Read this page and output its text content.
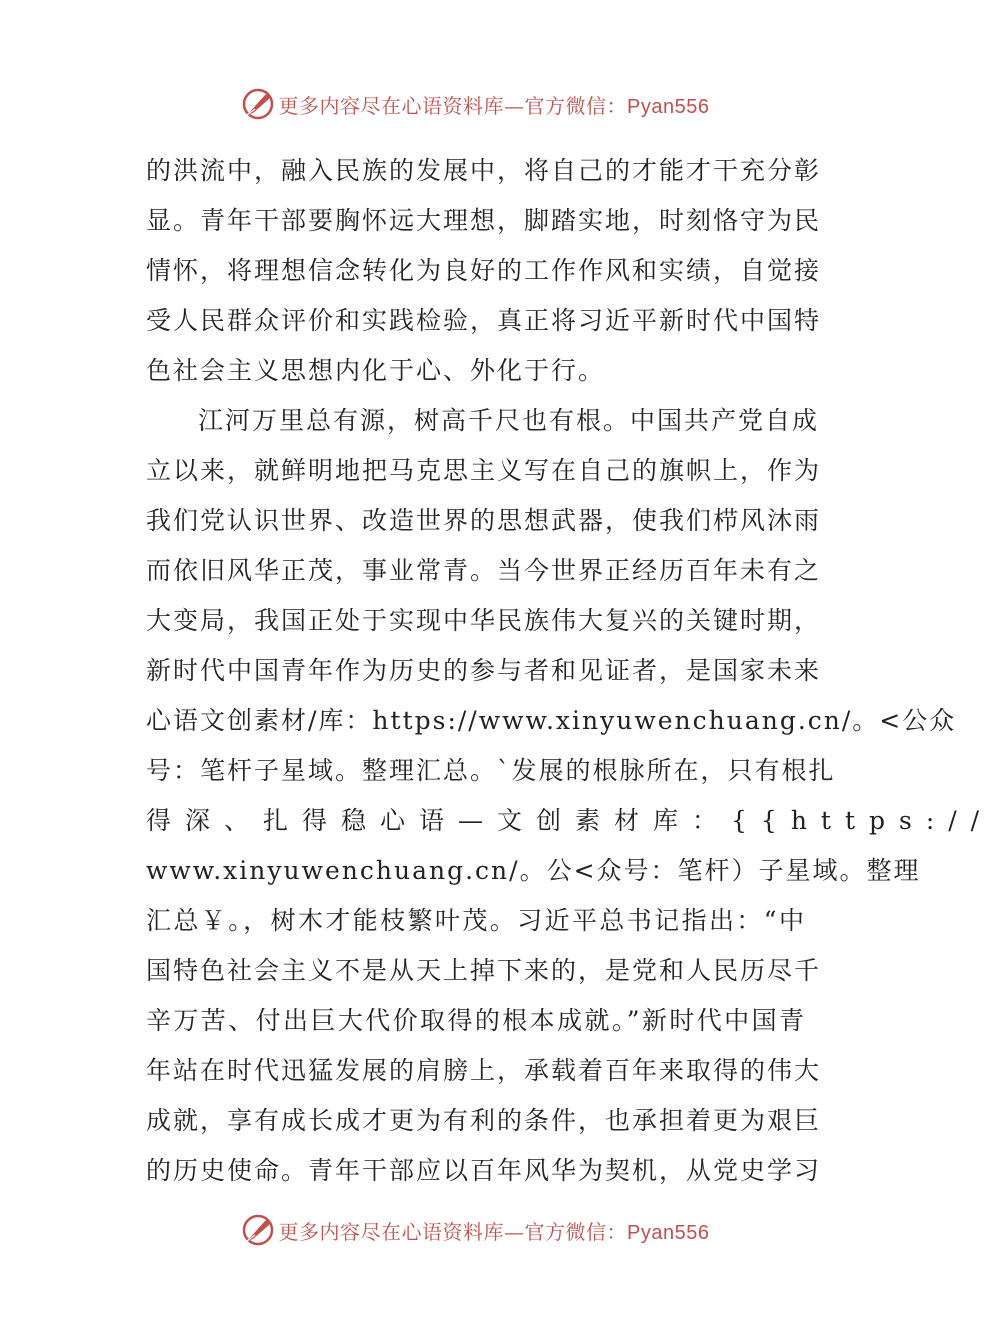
更多内容尽在心语资料库—官方微信：Pyan556
的洪流中，融入民族的发展中，将自己的才能才干充分彰
显。青年干部要胸怀远大理想，脚踏实地，时刻恪守为民
情怀，将理想信念转化为良好的工作作风和实绩，自觉接
受人民群众评价和实践检验，真正将习近平新时代中国特
色社会主义思想内化于心、外化于行。
江河万里总有源，树高千尺也有根。中国共产党自成
立以来，就鲜明地把马克思主义写在自己的旗帜上，作为
我们党认识世界、改造世界的思想武器，使我们栉风沐雨
而依旧风华正茂，事业常青。当今世界正经历百年未有之
大变局，我国正处于实现中华民族伟大复兴的关键时期，
新时代中国青年作为历史的参与者和见证者，是国家未来
心语文创素材/库：https://www.xinyuwenchuang.cn/。<公众
号：笔杆子星域。整理汇总。`发展的根脉所在，只有根扎
得深、扎得稳心语—文创素材库：{{https://
www.xinyuwenchuang.cn/。公<众号：笔杆）子星域。整理
汇总￥。，树木才能枝繁叶茂。习近平总书记指出：“中
国特色社会主义不是从天上掉下来的，是党和人民历尽千
辛万苦、付出巨大代价取得的根本成就。”新时代中国青
年站在时代迅猛发展的肩膀上，承载着百年来取得的伟大
成就，享有成长成才更为有利的条件，也承担着更为艰巨
的历史使命。青年干部应以百年风华为契机，从党史学习
更多内容尽在心语资料库—官方微信：Pyan556
